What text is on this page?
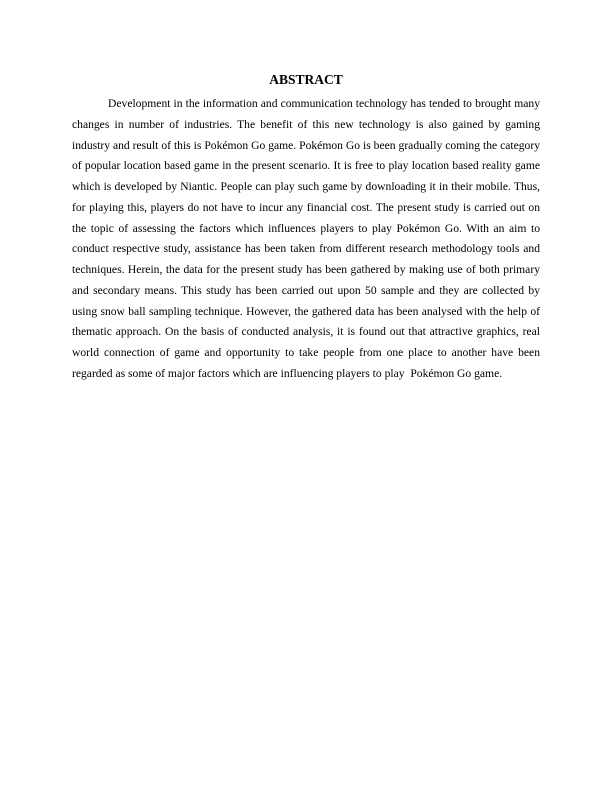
ABSTRACT

Development in the information and communication technology has tended to brought many changes in number of industries. The benefit of this new technology is also gained by gaming industry and result of this is Pokémon Go game. Pokémon Go is been gradually coming the category of popular location based game in the present scenario. It is free to play location based reality game which is developed by Niantic. People can play such game by downloading it in their mobile. Thus, for playing this, players do not have to incur any financial cost. The present study is carried out on the topic of assessing the factors which influences players to play Pokémon Go. With an aim to conduct respective study, assistance has been taken from different research methodology tools and techniques. Herein, the data for the present study has been gathered by making use of both primary and secondary means. This study has been carried out upon 50 sample and they are collected by using snow ball sampling technique. However, the gathered data has been analysed with the help of thematic approach. On the basis of conducted analysis, it is found out that attractive graphics, real world connection of game and opportunity to take people from one place to another have been regarded as some of major factors which are influencing players to play  Pokémon Go game.
